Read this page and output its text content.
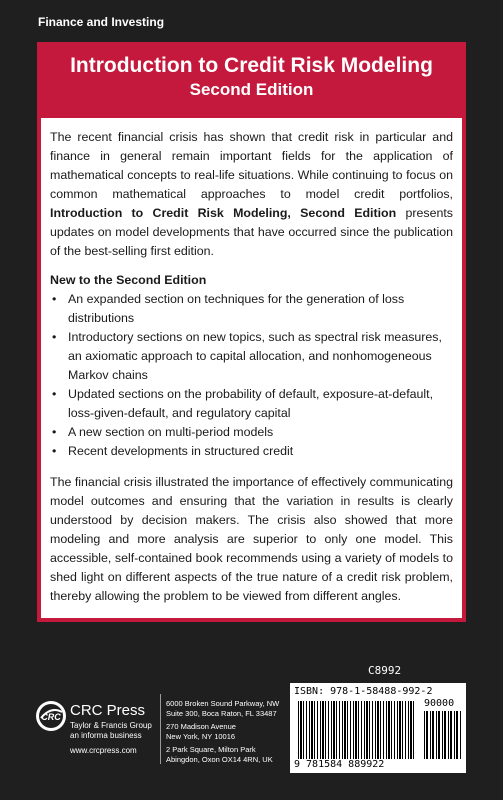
Finance and Investing
Introduction to Credit Risk Modeling
Second Edition

The recent financial crisis has shown that credit risk in particular and finance in general remain important fields for the application of mathematical concepts to real-life situations. While continuing to focus on common mathematical approaches to model credit portfolios, Introduction to Credit Risk Modeling, Second Edition presents updates on model developments that have occurred since the publication of the best-selling first edition.

New to the Second Edition
• An expanded section on techniques for the generation of loss distributions
• Introductory sections on new topics, such as spectral risk measures, an axiomatic approach to capital allocation, and nonhomogeneous Markov chains
• Updated sections on the probability of default, exposure-at-default, loss-given-default, and regulatory capital
• A new section on multi-period models
• Recent developments in structured credit

The financial crisis illustrated the importance of effectively communicating model outcomes and ensuring that the variation in results is clearly understood by decision makers. The crisis also showed that more modeling and more analysis are superior to only one model. This accessible, self-contained book recommends using a variety of models to shed light on different aspects of the true nature of a credit risk problem, thereby allowing the problem to be viewed from different angles.

C8992
ISBN: 978-1-58488-992-2
90000
9 781584 889922
CRC CRC Press
Taylor & Francis Group
an informa business
www.crcpress.com
6000 Broken Sound Parkway, NW
Suite 300, Boca Raton, FL 33487
270 Madison Avenue
New York, NY 10016
2 Park Square, Milton Park
Abingdon, Oxon OX14 4RN, UK
